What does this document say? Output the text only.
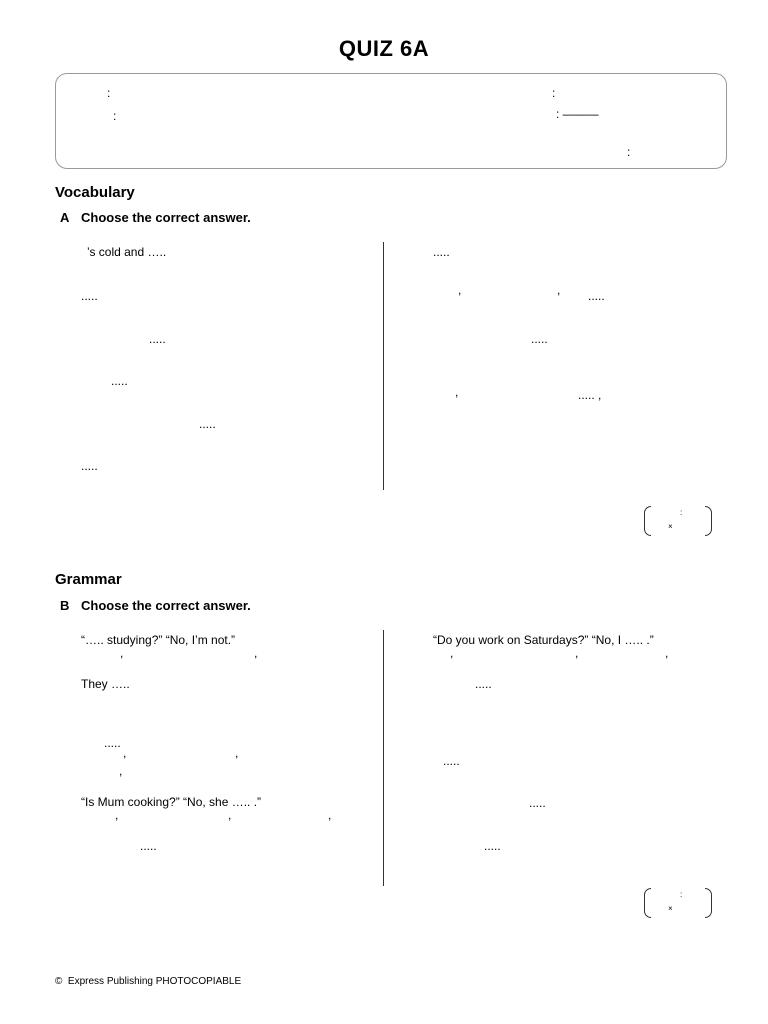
QUIZ 6A
:	:
:	: ———
:
Vocabulary
A Choose the correct answer.
’s cold and …..
.....
.....
.....
.....
.....
.....
,	, .....
.....
,	..... ,
:
×
Grammar
B Choose the correct answer.
“….. studying?” “No, I’m not.”
,	,
They …..
.....
,	,
,
“Is Mum cooking?” “No, she ….. .”
,	,	,
.....
“Do you work on Saturdays?” “No, I ….. .”
,	,	,
.....
.....
.....
.....
:
×
©  Express Publishing PHOTOCOPIABLE
